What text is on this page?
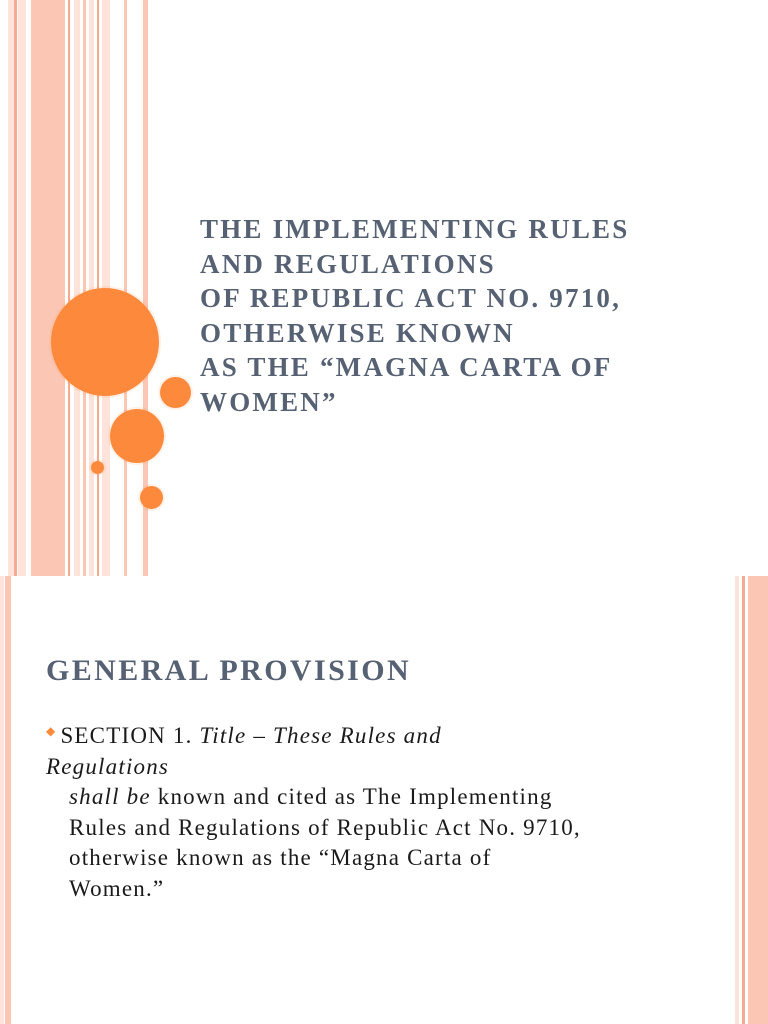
THE IMPLEMENTING RULES
AND REGULATIONS
OF REPUBLIC ACT NO. 9710,
OTHERWISE KNOWN
AS THE “MAGNA CARTA OF
WOMEN”
GENERAL PROVISION
◆ SECTION 1. Title – These Rules and
Regulations
shall be known and cited as The Implementing
Rules and Regulations of Republic Act No. 9710,
otherwise known as the “Magna Carta of
Women.”
